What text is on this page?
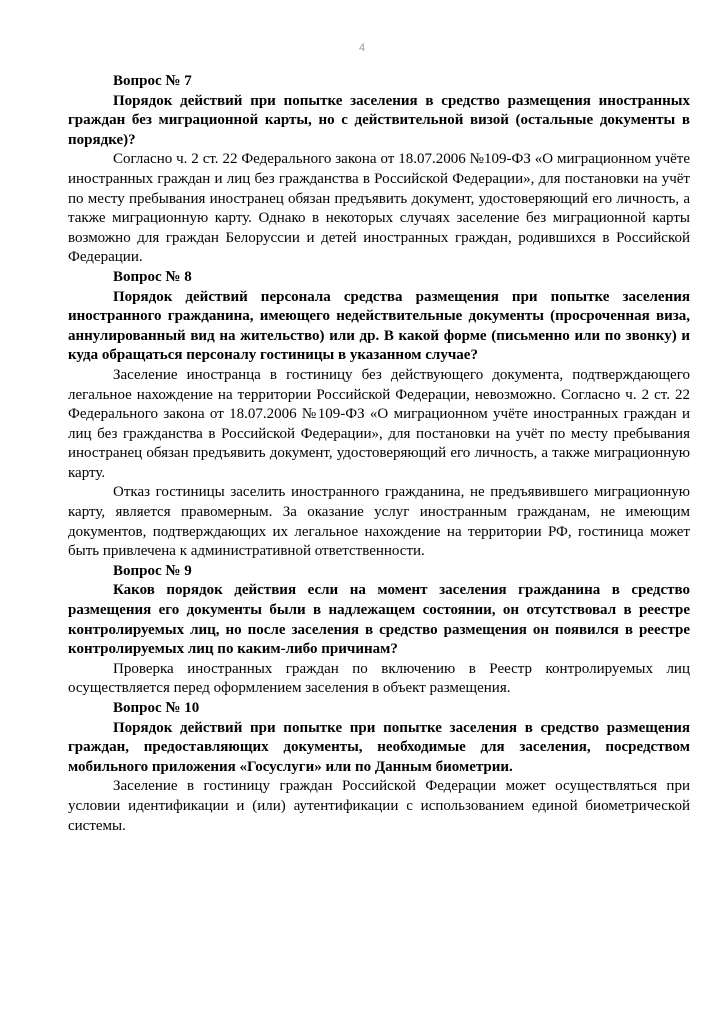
4

Вопрос № 7

Порядок действий при попытке заселения в средство размещения иностранных граждан без миграционной карты, но с действительной визой (остальные документы в порядке)?

Согласно ч. 2 ст. 22 Федерального закона от 18.07.2006 №109-ФЗ «О миграционном учёте иностранных граждан и лиц без гражданства в Российской Федерации», для постановки на учёт по месту пребывания иностранец обязан предъявить документ, удостоверяющий его личность, а также миграционную карту. Однако в некоторых случаях заселение без миграционной карты возможно для граждан Белоруссии и детей иностранных граждан, родившихся в Российской Федерации.

Вопрос № 8

Порядок действий персонала средства размещения при попытке заселения иностранного гражданина, имеющего недействительные документы (просроченная виза, аннулированный вид на жительство) или др. В какой форме (письменно или по звонку) и куда обращаться персоналу гостиницы в указанном случае?

Заселение иностранца в гостиницу без действующего документа, подтверждающего легальное нахождение на территории Российской Федерации, невозможно. Согласно ч. 2 ст. 22 Федерального закона от 18.07.2006 №109-ФЗ «О миграционном учёте иностранных граждан и лиц без гражданства в Российской Федерации», для постановки на учёт по месту пребывания иностранец обязан предъявить документ, удостоверяющий его личность, а также миграционную карту.

Отказ гостиницы заселить иностранного гражданина, не предъявившего миграционную карту, является правомерным. За оказание услуг иностранным гражданам, не имеющим документов, подтверждающих их легальное нахождение на территории РФ, гостиница может быть привлечена к административной ответственности.

Вопрос № 9

Каков порядок действия если на момент заселения гражданина в средство размещения его документы были в надлежащем состоянии, он отсутствовал в реестре контролируемых лиц, но после заселения в средство размещения он появился в реестре контролируемых лиц по каким-либо причинам?

Проверка иностранных граждан по включению в Реестр контролируемых лиц осуществляется перед оформлением заселения в объект размещения.

Вопрос № 10

Порядок действий при попытке при попытке заселения в средство размещения граждан, предоставляющих документы, необходимые для заселения, посредством мобильного приложения «Госуслуги» или по Данным биометрии.

Заселение в гостиницу граждан Российской Федерации может осуществляться при условии идентификации и (или) аутентификации с использованием единой биометрической системы.
